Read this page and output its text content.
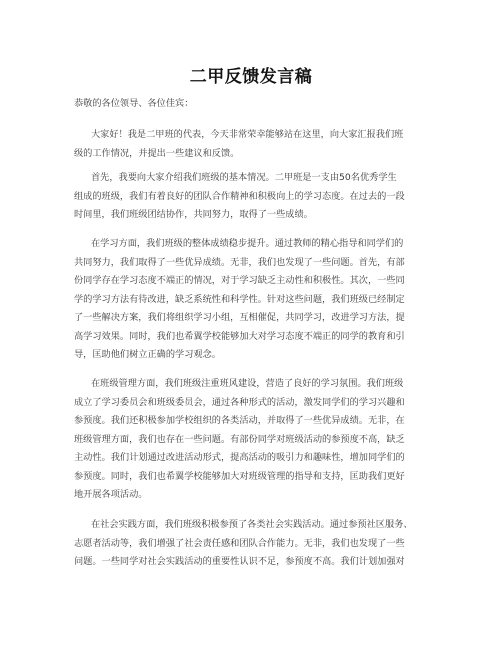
二甲反馈发言稿
恭敬的各位领导、各位佳宾：
大家好！我是二甲班的代表，今天非常荣幸能够站在这里，向大家汇报我们班
级的工作情况，并提出一些建议和反馈。
首先，我要向大家介绍我们班级的基本情况。二甲班是一支由50名优秀学生
组成的班级，我们有着良好的团队合作精神和积极向上的学习态度。在过去的一段
时间里，我们班级团结协作，共同努力，取得了一些成绩。
在学习方面，我们班级的整体成绩稳步提升。通过教师的精心指导和同学们的
共同努力，我们取得了一些优异成绩。无非，我们也发现了一些问题。首先，有部
份同学存在学习态度不端正的情况，对于学习缺乏主动性和积极性。其次，一些同
学的学习方法有待改进，缺乏系统性和科学性。针对这些问题，我们班级已经制定
了一些解决方案，我们将组织学习小组，互相催促，共同学习，改进学习方法，提
高学习效果。同时，我们也希翼学校能够加大对学习态度不端正的同学的教育和引
导，匡助他们树立正确的学习观念。
在班级管理方面，我们班级注重班风建设，营造了良好的学习氛围。我们班级
成立了学习委员会和班级委员会，通过各种形式的活动，激发同学们的学习兴趣和
参预度。我们还积极参加学校组织的各类活动，并取得了一些优异成绩。无非，在
班级管理方面，我们也存在一些问题。有部份同学对班级活动的参预度不高，缺乏
主动性。我们计划通过改进活动形式，提高活动的吸引力和趣味性，增加同学们的
参预度。同时，我们也希翼学校能够加大对班级管理的指导和支持，匡助我们更好
地开展各项活动。
在社会实践方面，我们班级积极参预了各类社会实践活动。通过参预社区服务、
志愿者活动等，我们增强了社会责任感和团队合作能力。无非，我们也发现了一些
问题。一些同学对社会实践活动的重要性认识不足，参预度不高。我们计划加强对
